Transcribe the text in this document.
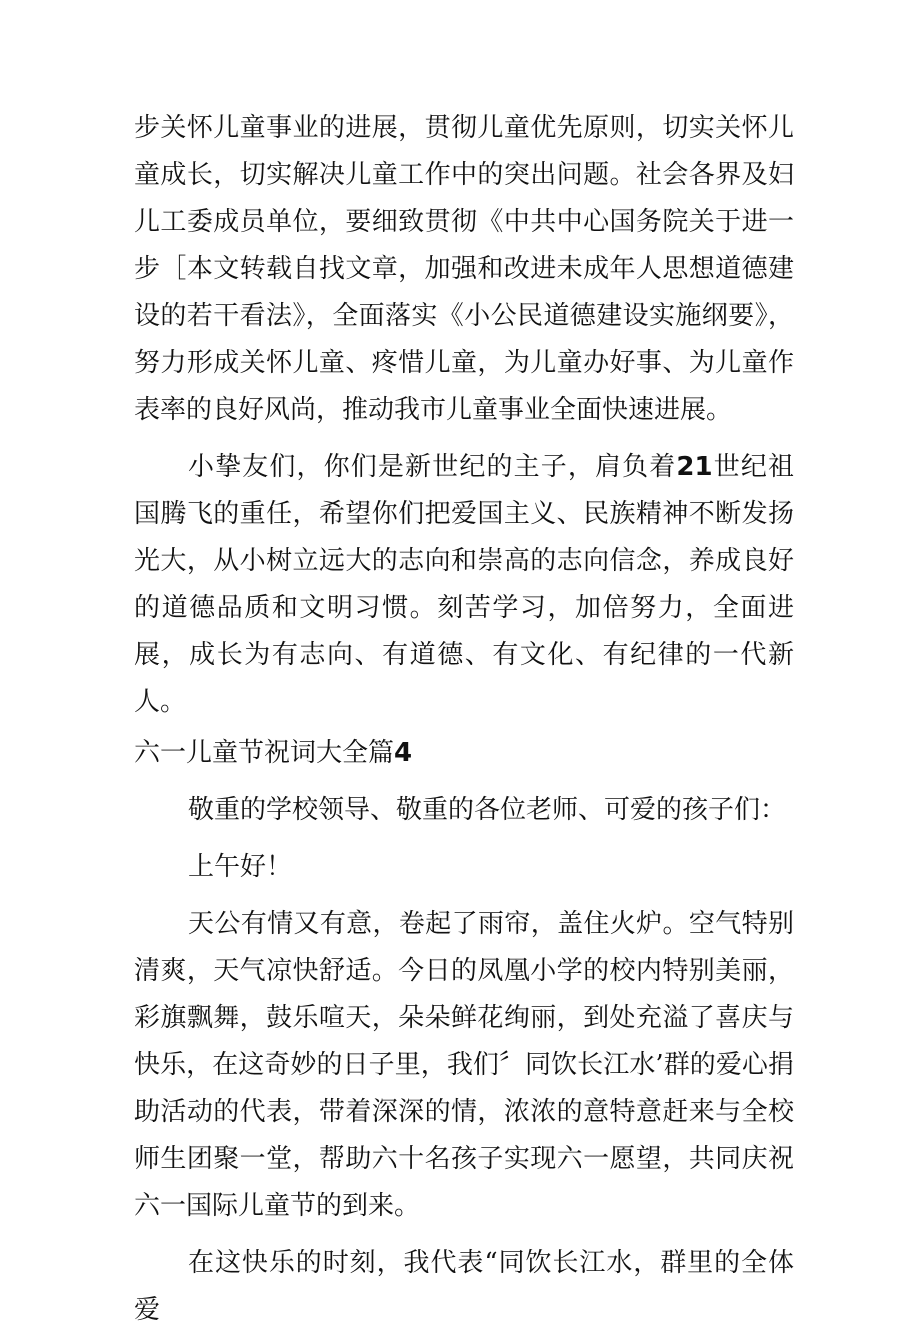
步关怀儿童事业的进展，贯彻儿童优先原则，切实关怀儿童成长，切实解决儿童工作中的突出问题。社会各界及妇儿工委成员单位，要细致贯彻《中共中心国务院关于进一步［本文转载自找文章，加强和改进未成年人思想道德建设的若干看法》，全面落实《小公民道德建设实施纲要》，努力形成关怀儿童、疼惜儿童，为儿童办好事、为儿童作表率的良好风尚，推动我市儿童事业全面快速进展。

小挚友们，你们是新世纪的主子，肩负着21世纪祖国腾飞的重任，希望你们把爱国主义、民族精神不断发扬光大，从小树立远大的志向和崇高的志向信念，养成良好的道德品质和文明习惯。刻苦学习，加倍努力，全面进展，成长为有志向、有道德、有文化、有纪律的一代新人。

六一儿童节祝词大全篇4

敬重的学校领导、敬重的各位老师、可爱的孩子们：

上午好！

天公有情又有意，卷起了雨帘，盖住火炉。空气特别清爽，天气凉快舒适。今日的凤凰小学的校内特别美丽，彩旗飘舞，鼓乐喧天，朵朵鲜花绚丽，到处充溢了喜庆与快乐，在这奇妙的日子里，我们〞同饮长江水’群的爱心捐助活动的代表，带着深深的情，浓浓的意特意赶来与全校师生团聚一堂，帮助六十名孩子实现六一愿望，共同庆祝六一国际儿童节的到来。

在这快乐的时刻，我代表“同饮长江水，群里的全体爱
